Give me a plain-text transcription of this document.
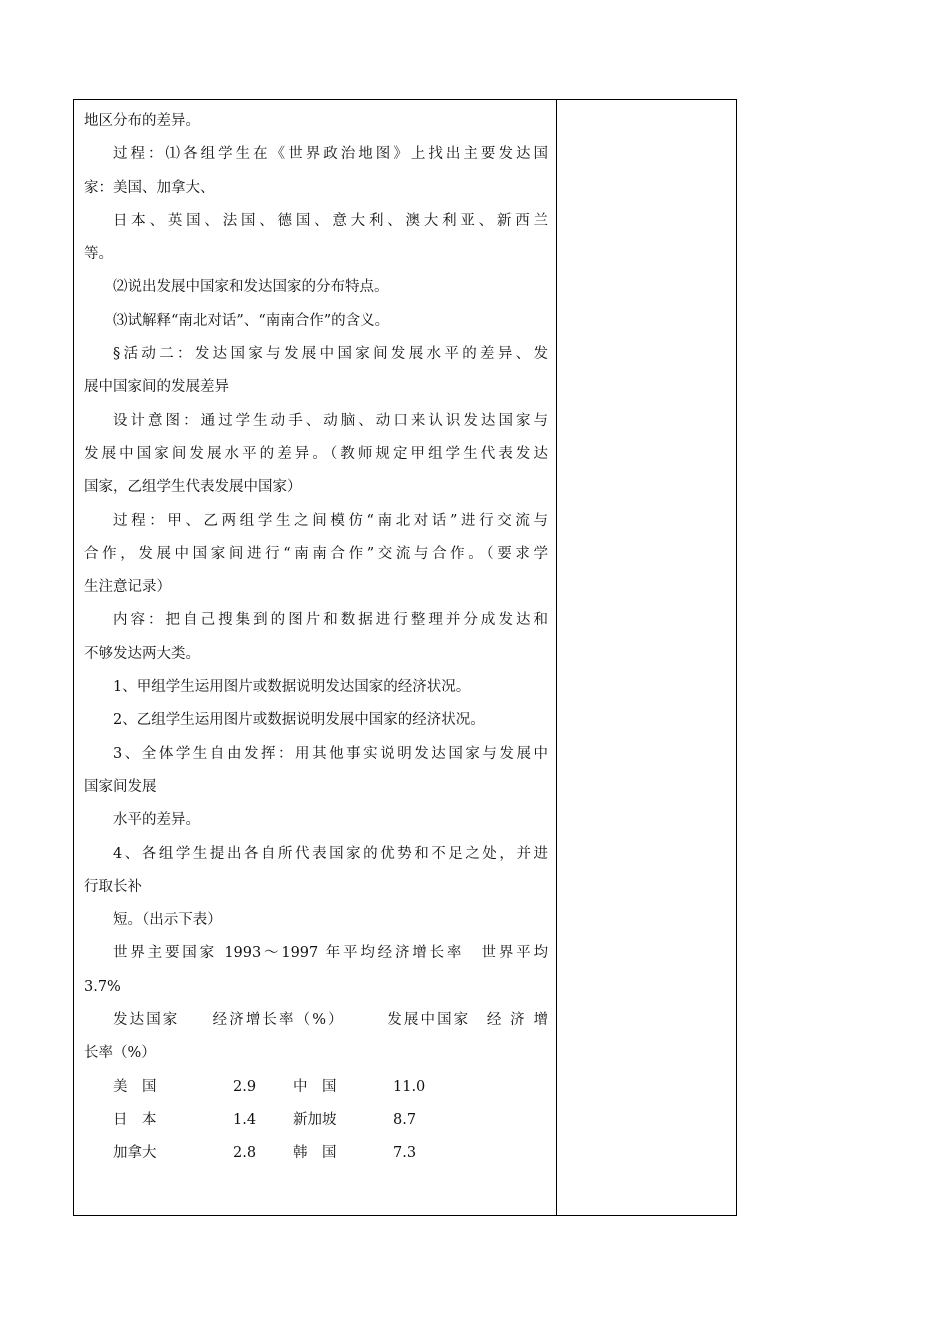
地区分布的差异。
过程：⑴各组学生在《世界政治地图》上找出主要发达国
家：美国、加拿大、
日本、英国、法国、德国、意大利、澳大利亚、新西兰
等。
⑵说出发展中国家和发达国家的分布特点。
⑶试解释“南北对话”、“南南合作”的含义。
§活动二：发达国家与发展中国家间发展水平的差异、发
展中国家间的发展差异
设计意图：通过学生动手、动脑、动口来认识发达国家与
发展中国家间发展水平的差异。（教师规定甲组学生代表发达
国家，乙组学生代表发展中国家）
过程：甲、乙两组学生之间模仿“南北对话”进行交流与
合作，发展中国家间进行“南南合作”交流与合作。（要求学
生注意记录）
内容：把自己搜集到的图片和数据进行整理并分成发达和
不够发达两大类。
1、甲组学生运用图片或数据说明发达国家的经济状况。
2、乙组学生运用图片或数据说明发展中国家的经济状况。
3、全体学生自由发挥：用其他事实说明发达国家与发展中
国家间发展
水平的差异。
4、各组学生提出各自所代表国家的优势和不足之处，并进
行取长补
短。（出示下表）
世界主要国家 1993～1997 年平均经济增长率　世界平均
3.7%
发达国家　　经济增长率（%）　　　发展中国家　经 济 增
长率（%）
美　国	2.9	中　国	11.0
日　本	1.4	新加坡	8.7
加拿大	2.8	韩　国	7.3
